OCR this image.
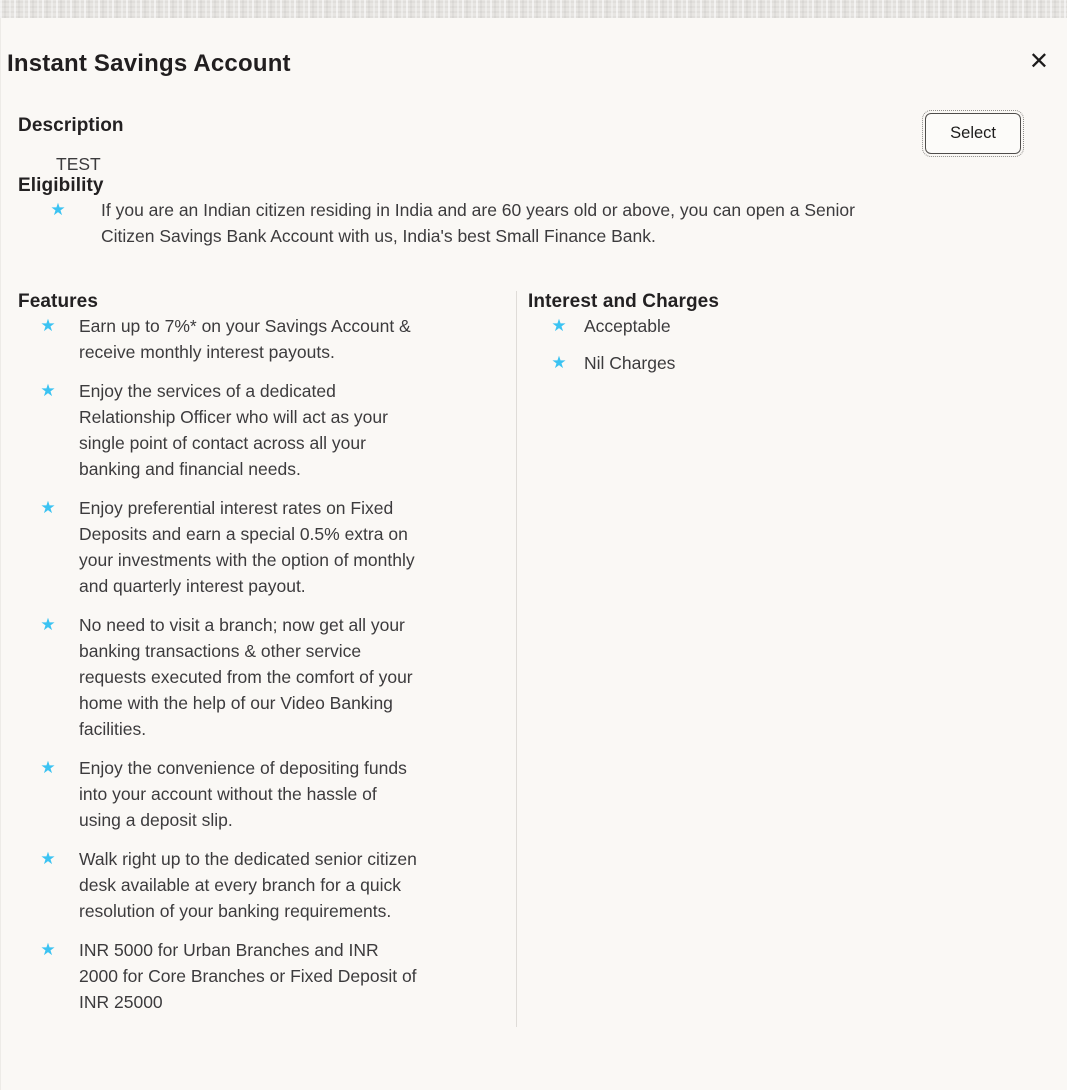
✕
Instant Savings Account
Description
TEST
Select
Eligibility
★	If you are an Indian citizen residing in India and are 60 years old or above, you can open a Senior Citizen Savings Bank Account with us, India's best Small Finance Bank.
Features
★ Earn up to 7%* on your Savings Account & receive monthly interest payouts.
★ Enjoy the services of a dedicated Relationship Officer who will act as your single point of contact across all your banking and financial needs.
★ Enjoy preferential interest rates on Fixed Deposits and earn a special 0.5% extra on your investments with the option of monthly and quarterly interest payout.
★ No need to visit a branch; now get all your banking transactions & other service requests executed from the comfort of your home with the help of our Video Banking facilities.
★ Enjoy the convenience of depositing funds into your account without the hassle of using a deposit slip.
★ Walk right up to the dedicated senior citizen desk available at every branch for a quick resolution of your banking requirements.
★ INR 5000 for Urban Branches and INR 2000 for Core Branches or Fixed Deposit of INR 25000
Interest and Charges
★ Acceptable
★ Nil Charges
